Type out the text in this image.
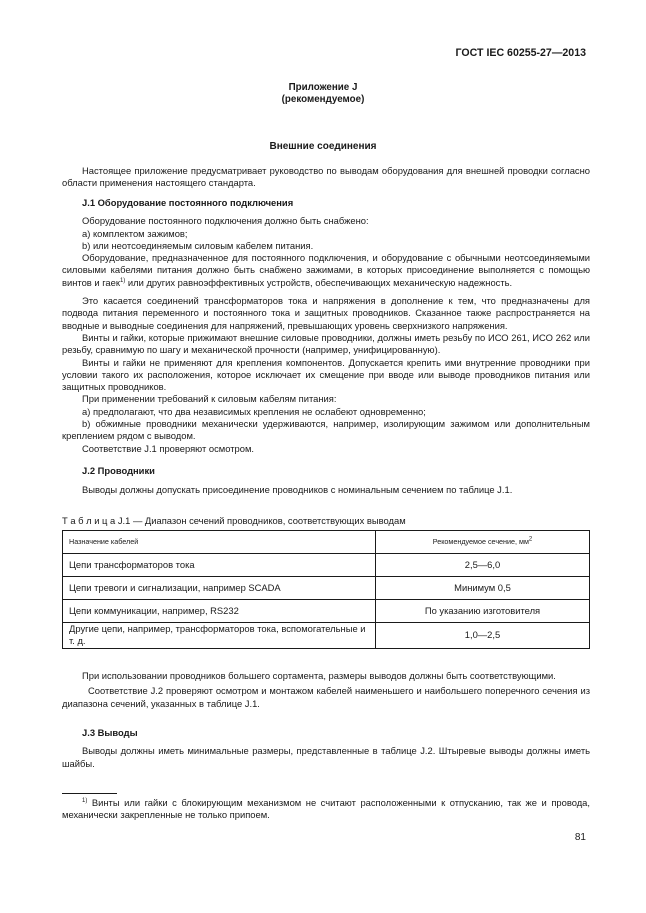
ГОСТ IEC 60255-27—2013
Приложение J
(рекомендуемое)
Внешние соединения

Настоящее приложение предусматривает руководство по выводам оборудования для внешней проводки согласно области применения настоящего стандарта.

J.1 Оборудование постоянного подключения

Оборудование постоянного подключения должно быть снабжено:

a) комплектом зажимов;

b) или неотсоединяемым силовым кабелем питания.

Оборудование, предназначенное для постоянного подключения, и оборудование с обычными неотсоединяемыми силовыми кабелями питания должно быть снабжено зажимами, в которых присоединение выполняется с помощью винтов и гаек$^{1)}$ или других равноэффективных устройств, обеспечивающих механическую надежность.

Это касается соединений трансформаторов тока и напряжения в дополнение к тем, что предназначены для подвода питания переменного и постоянного тока и защитных проводников. Сказанное также распространяется на вводные и выводные соединения для напряжений, превышающих уровень сверхнизкого напряжения.

Винты и гайки, которые прижимают внешние силовые проводники, должны иметь резьбу по ИСО 261, ИСО 262 или резьбу, сравнимую по шагу и механической прочности (например, унифицированную).

Винты и гайки не применяют для крепления компонентов. Допускается крепить ими внутренние проводники при условии такого их расположения, которое исключает их смещение при вводе или выводе проводников питания или защитных проводников.

При применении требований к силовым кабелям питания:

a) предполагают, что два независимых крепления не ослабеют одновременно;

b) обжимные проводники механически удерживаются, например, изолирующим зажимом или дополнительным креплением рядом с выводом.

Соответствие J.1 проверяют осмотром.

J.2 Проводники

Выводы должны допускать присоединение проводников с номинальным сечением по таблице J.1.

Т а б л и ц а J.1 — Диапазон сечений проводников, соответствующих выводам
Назначение кабелей	Рекомендуемое сечение, $мм^2$
Цепи трансформаторов тока	2,5—6,0
Цепи тревоги и сигнализации, например SCADA	Минимум 0,5
Цепи коммуникации, например, RS232	По указанию изготовителя
Другие цепи, например, трансформаторов тока, вспомогательные и т. д.	1,0—2,5

При использовании проводников большего сортамента, размеры выводов должны быть соответствующими.

Соответствие J.2 проверяют осмотром и монтажом кабелей наименьшего и наибольшего поперечного сечения из диапазона сечений, указанных в таблице J.1.

J.3 Выводы

Выводы должны иметь минимальные размеры, представленные в таблице J.2. Штыревые выводы должны иметь шайбы.

$^{1)}$ Винты или гайки с блокирующим механизмом не считают расположенными к отпусканию, так же и провода, механически закрепленные не только припоем.

81
